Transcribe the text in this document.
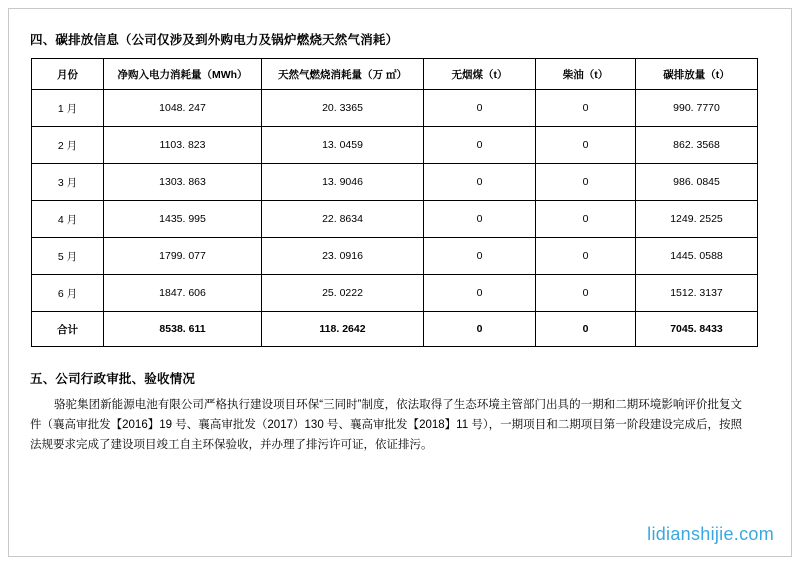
四、碳排放信息（公司仅涉及到外购电力及锅炉燃烧天然气消耗）
月份	净购入电力消耗量（MWh）	天然气燃烧消耗量（万 ㎡）	无烟煤（t）	柴油（t）	碳排放量（t）
1 月	1048. 247	20. 3365	0	0	990. 7770
2 月	1103. 823	13. 0459	0	0	862. 3568
3 月	1303. 863	13. 9046	0	0	986. 0845
4 月	1435. 995	22. 8634	0	0	1249. 2525
5 月	1799. 077	23. 0916	0	0	1445. 0588
6 月	1847. 606	25. 0222	0	0	1512. 3137
合计	8538. 611	118. 2642	0	0	7045. 8433
五、公司行政审批、验收情况

骆驼集团新能源电池有限公司严格执行建设项目环保“三同时”制度，依法取得了生态环境主管部门出具的一期和二期环境影响评价批复文件（襄高审批发【2016】19 号、襄高审批发（2017）130 号、襄高审批发【2018】11 号），一期项目和二期项目第一阶段建设完成后，按照法规要求完成了建设项目竣工自主环保验收，并办理了排污许可证，依证排污。

lidianshijie.com
